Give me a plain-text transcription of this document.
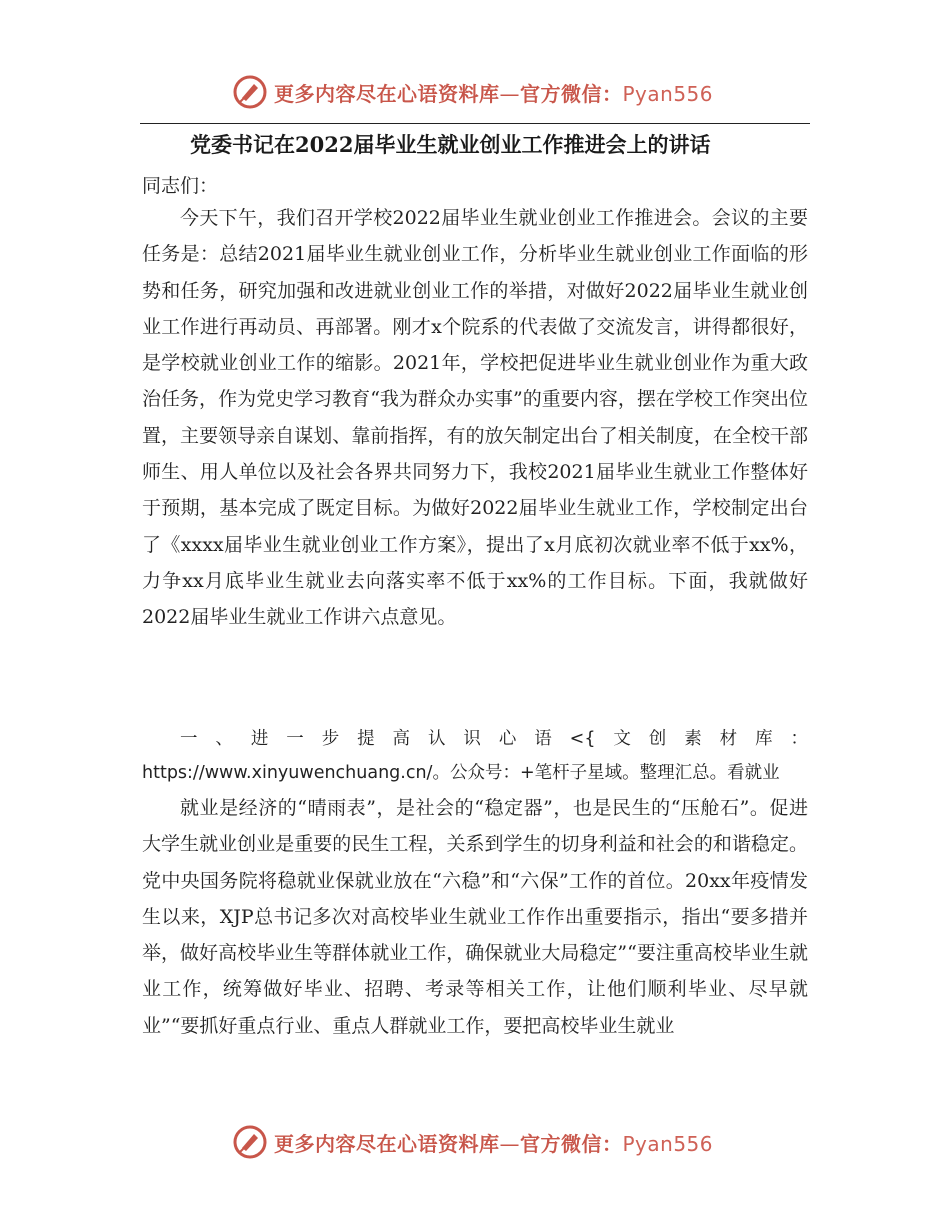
更多内容尽在心语资料库—官方微信：Pyan556
党委书记在2022届毕业生就业创业工作推进会上的讲话

同志们：

今天下午，我们召开学校2022届毕业生就业创业工作推进会。会议的主要任务是：总结2021届毕业生就业创业工作，分析毕业生就业创业工作面临的形势和任务，研究加强和改进就业创业工作的举措，对做好2022届毕业生就业创业工作进行再动员、再部署。刚才x个院系的代表做了交流发言，讲得都很好，是学校就业创业工作的缩影。2021年，学校把促进毕业生就业创业作为重大政治任务，作为党史学习教育“我为群众办实事”的重要内容，摆在学校工作突出位置，主要领导亲自谋划、靠前指挥，有的放矢制定出台了相关制度，在全校干部师生、用人单位以及社会各界共同努力下，我校2021届毕业生就业工作整体好于预期，基本完成了既定目标。为做好2022届毕业生就业工作，学校制定出台了《xxxx届毕业生就业创业工作方案》，提出了x月底初次就业率不低于xx%，力争xx月底毕业生就业去向落实率不低于xx%的工作目标。下面，我就做好2022届毕业生就业工作讲六点意见。

一、进一步提高认识心语<{文创素材库：https://www.xinyuwenchuang.cn/。公众号：+笔杆子星域。整理汇总。看就业

就业是经济的“晴雨表”，是社会的“稳定器”，也是民生的“压舱石”。促进大学生就业创业是重要的民生工程，关系到学生的切身利益和社会的和谐稳定。党中央国务院将稳就业保就业放在“六稳”和“六保”工作的首位。20xx年疫情发生以来，XJP总书记多次对高校毕业生就业工作作出重要指示，指出“要多措并举，做好高校毕业生等群体就业工作，确保就业大局稳定”“要注重高校毕业生就业工作，统筹做好毕业、招聘、考录等相关工作，让他们顺利毕业、尽早就业”“要抓好重点行业、重点人群就业工作，要把高校毕业生就业

更多内容尽在心语资料库—官方微信：Pyan556
